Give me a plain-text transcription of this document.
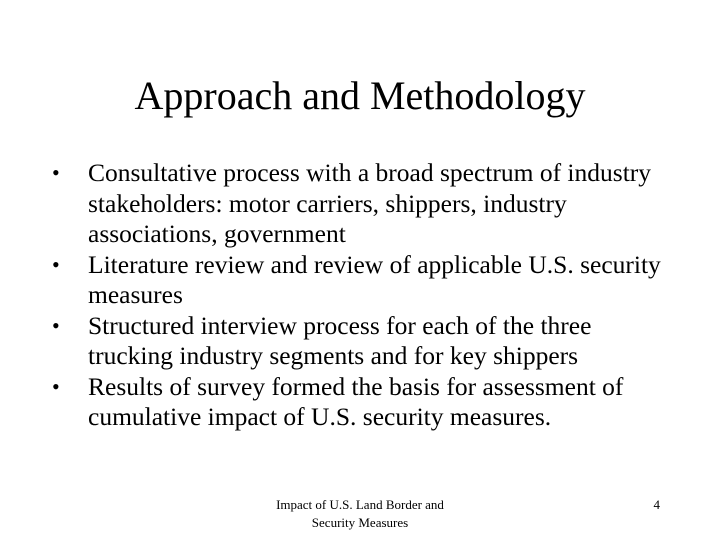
Approach and Methodology
•	Consultative process with a broad spectrum of industry stakeholders: motor carriers, shippers, industry associations, government
•	Literature review and review of applicable U.S. security measures
•	Structured interview process for each of the three trucking industry segments and for key shippers
•	Results of survey formed the basis for assessment of cumulative impact of U.S. security measures.
Impact of U.S. Land Border and
Security Measures
4
